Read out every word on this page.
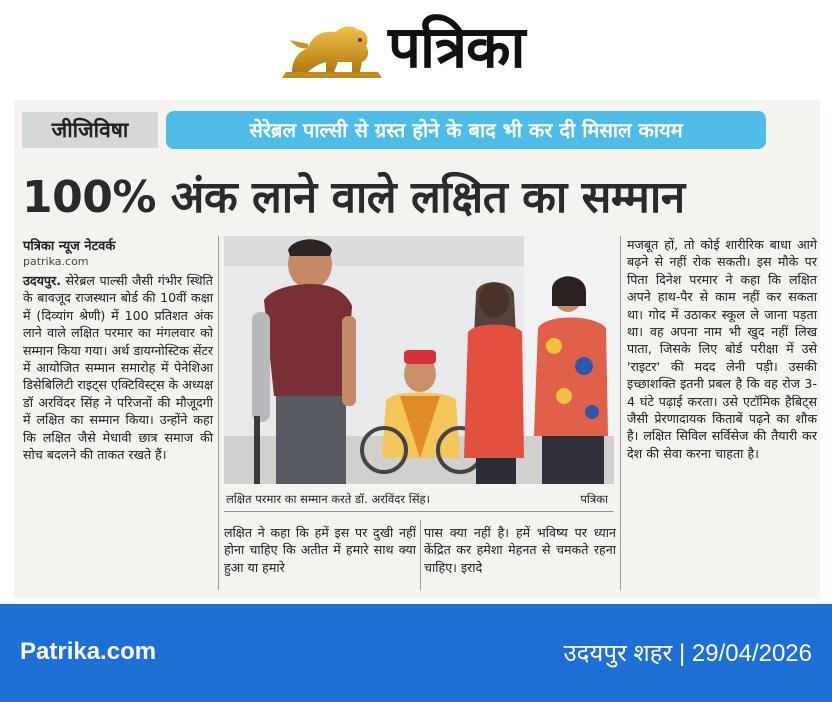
पत्रिका
जीजिविषा	सेरेब्रल पाल्सी से ग्रस्त होने के बाद भी कर दी मिसाल कायम
100% अंक लाने वाले लक्षित का सम्मान
पत्रिका न्यूज नेटवर्क
patrika.com
उदयपुर. सेरेब्रल पाल्सी जैसी गंभीर स्थिति के बावजूद राजस्थान बोर्ड की 10वीं कक्षा में (दिव्यांग श्रेणी) में 100 प्रतिशत अंक लाने वाले लक्षित परमार का मंगलवार को सम्मान किया गया। अर्थ डायग्नोस्टिक सेंटर में आयोजित सम्मान समारोह में पेनेशिआ डिसेबिलिटी राइट्स एक्टिविस्ट्स के अध्यक्ष डॉ अरविंदर सिंह ने परिजनों की मौजूदगी में लक्षित का सम्मान किया। उन्होंने कहा कि लक्षित जैसे मेधावी छात्र समाज की सोच बदलने की ताकत रखते हैं।
लक्षित परमार का सम्मान करते डॉ. अरविंदर सिंह।	पत्रिका
लक्षित ने कहा कि हमें इस पर दुखी नहीं होना चाहिए कि अतीत में हमारे साथ क्या हुआ या हमारे
पास क्या नहीं है। हमें भविष्य पर ध्यान केंद्रित कर हमेशा मेहनत से चमकते रहना चाहिए। इरादे
मजबूत हों, तो कोई शारीरिक बाधा आगे बढ़ने से नहीं रोक सकती। इस मौके पर पिता दिनेश परमार ने कहा कि लक्षित अपने हाथ-पैर से काम नहीं कर सकता था। गोद में उठाकर स्कूल ले जाना पड़ता था। वह अपना नाम भी खुद नहीं लिख पाता, जिसके लिए बोर्ड परीक्षा में उसे 'राइटर' की मदद लेनी पड़ी। उसकी इच्छाशक्ति इतनी प्रबल है कि वह रोज 3-4 घंटे पढ़ाई करता। उसे एटॉमिक हैबिट्स जैसी प्रेरणादायक किताबें पढ़ने का शौक है। लक्षित सिविल सर्विसेज की तैयारी कर देश की सेवा करना चाहता है।
Patrika.com	उदयपुर शहर | 29/04/2026
